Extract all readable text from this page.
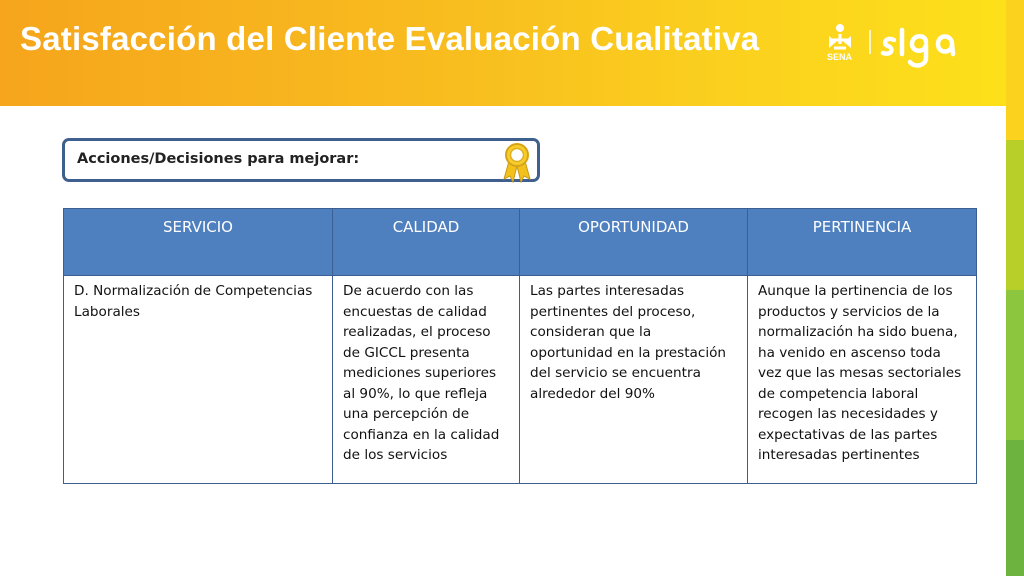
Satisfacción del Cliente Evaluación Cualitativa	SENA
Acciones/Decisiones para mejorar:
SERVICIO	CALIDAD	OPORTUNIDAD	PERTINENCIA
D. Normalización de Competencias Laborales	De acuerdo con las encuestas de calidad realizadas, el proceso de GICCL presenta mediciones superiores al 90%, lo que refleja una percepción de confianza en la calidad de los servicios	Las partes interesadas pertinentes del proceso, consideran que la oportunidad en la prestación del servicio se encuentra alrededor del 90%	Aunque la pertinencia de los productos y servicios de la normalización ha sido buena, ha venido en ascenso toda vez que las mesas sectoriales de competencia laboral recogen las necesidades y expectativas de las partes interesadas pertinentes
